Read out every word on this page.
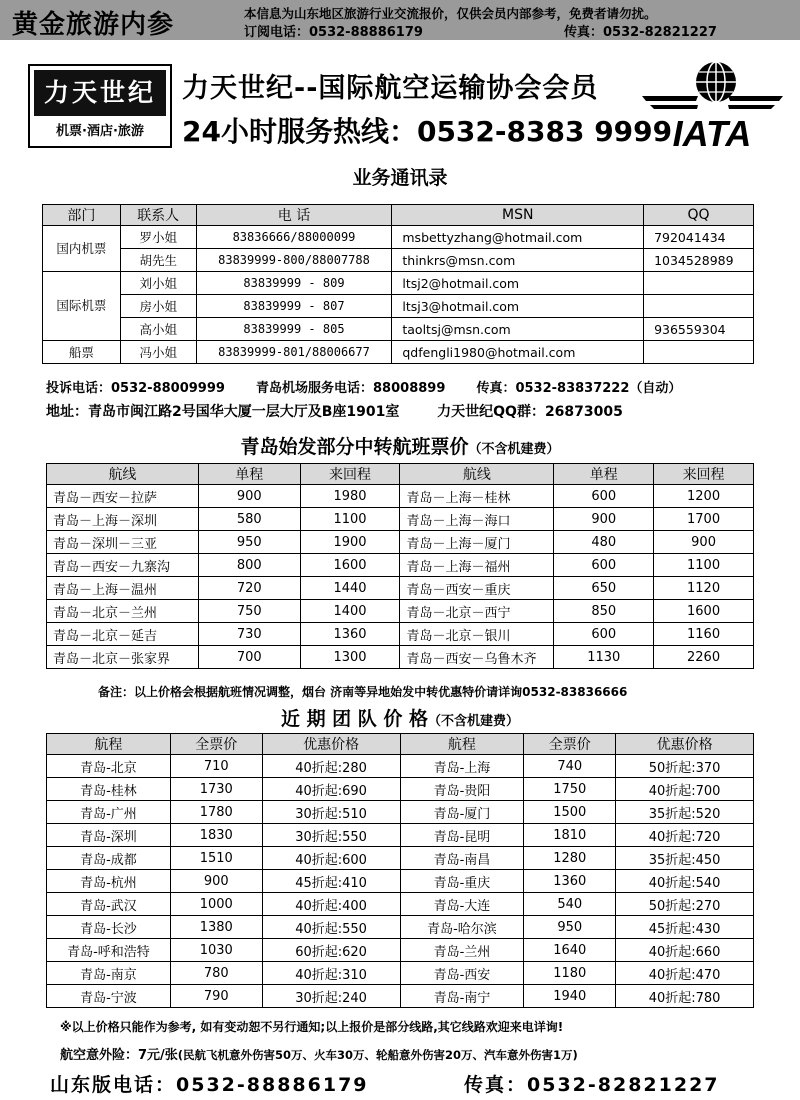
黄金旅游内参	本信息为山东地区旅游行业交流报价，仅供会员内部参考，免费者请勿扰。
订阅电话：0532-88886179	传真：0532-82821227
力天世纪
机票·酒店·旅游
力天世纪--国际航空运输协会会员
24小时服务热线：0532-8383 9999 IATA
业务通讯录
部门	联系人	电 话	MSN	QQ
国内机票	罗小姐	83836666/88000099	msbettyzhang@hotmail.com	792041434
	胡先生	83839999-800/88007788	thinkrs@msn.com	1034528989
国际机票	刘小姐	83839999 - 809	ltsj2@hotmail.com	
	房小姐	83839999 - 807	ltsj3@hotmail.com	
	高小姐	83839999 - 805	taoltsj@msn.com	936559304
船票	冯小姐	83839999-801/88006677	qdfengli1980@hotmail.com	
投诉电话：0532-88009999 青岛机场服务电话：88008899 传真：0532-83837222（自动）
地址：青岛市闽江路2号国华大厦一层大厅及B座1901室	力天世纪QQ群：26873005
青岛始发部分中转航班票价（不含机建费）
航线	单程	来回程	航线	单程	来回程
青岛－西安－拉萨	900	1980	青岛－上海－桂林	600	1200
青岛－上海－深圳	580	1100	青岛－上海－海口	900	1700
青岛－深圳－三亚	950	1900	青岛－上海－厦门	480	900
青岛－西安－九寨沟	800	1600	青岛－上海－福州	600	1100
青岛－上海－温州	720	1440	青岛－西安－重庆	650	1120
青岛－北京－兰州	750	1400	青岛－北京－西宁	850	1600
青岛－北京－延吉	730	1360	青岛－北京－银川	600	1160
青岛－北京－张家界	700	1300	青岛－西安－乌鲁木齐	1130	2260
备注：以上价格会根据航班情况调整，烟台 济南等异地始发中转优惠特价请详询0532-83836666
近 期 团 队 价 格（不含机建费）
航程	全票价	优惠价格	航程	全票价	优惠价格
青岛-北京	710	40折起:280	青岛-上海	740	50折起:370
青岛-桂林	1730	40折起:690	青岛-贵阳	1750	40折起:700
青岛-广州	1780	30折起:510	青岛-厦门	1500	35折起:520
青岛-深圳	1830	30折起:550	青岛-昆明	1810	40折起:720
青岛-成都	1510	40折起:600	青岛-南昌	1280	35折起:450
青岛-杭州	900	45折起:410	青岛-重庆	1360	40折起:540
青岛-武汉	1000	40折起:400	青岛-大连	540	50折起:270
青岛-长沙	1380	40折起:550	青岛-哈尔滨	950	45折起:430
青岛-呼和浩特	1030	60折起:620	青岛-兰州	1640	40折起:660
青岛-南京	780	40折起:310	青岛-西安	1180	40折起:470
青岛-宁波	790	30折起:240	青岛-南宁	1940	40折起:780
※以上价格只能作为参考, 如有变动恕不另行通知;以上报价是部分线路,其它线路欢迎来电详询!
航空意外险：7元/张(民航飞机意外伤害50万、火车30万、轮船意外伤害20万、汽车意外伤害1万)
山东版电话：0532-88886179	传真：0532-82821227
